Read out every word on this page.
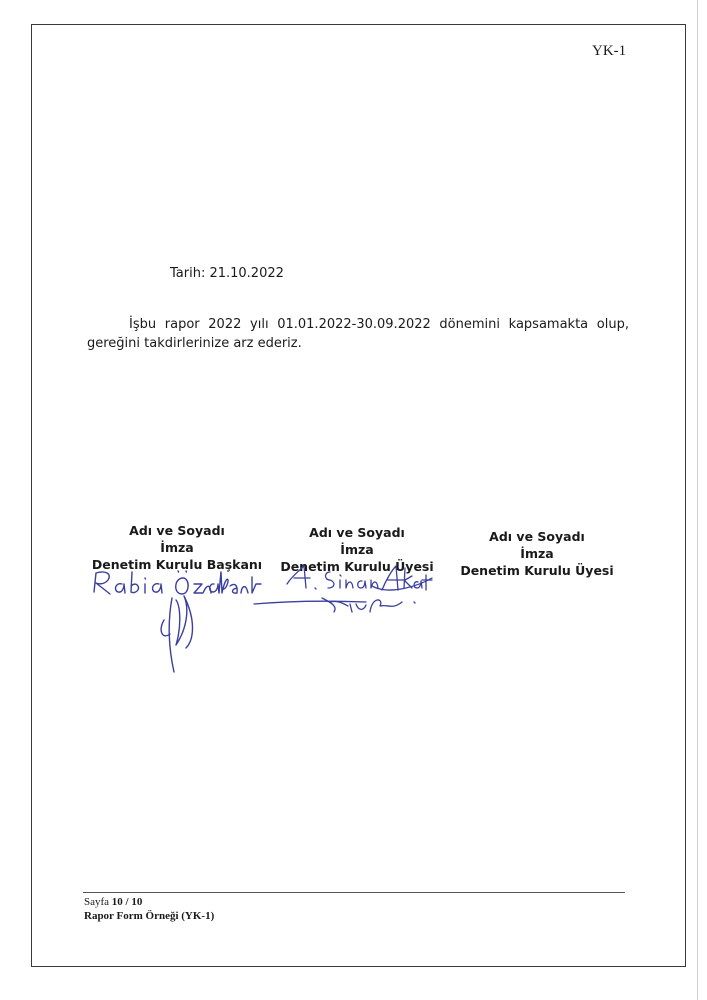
YK-1
Tarih: 21.10.2022
İşbu rapor 2022 yılı 01.01.2022-30.09.2022 dönemini kapsamakta olup, gereğini takdirlerinize arz ederiz.
Adı ve Soyadı
İmza
Denetim Kurulu Başkanı
Adı ve Soyadı
İmza
Denetim Kurulu Üyesi
Adı ve Soyadı
İmza
Denetim Kurulu Üyesi
Sayfa 10 / 10
Rapor Form Örneği (YK-1)
